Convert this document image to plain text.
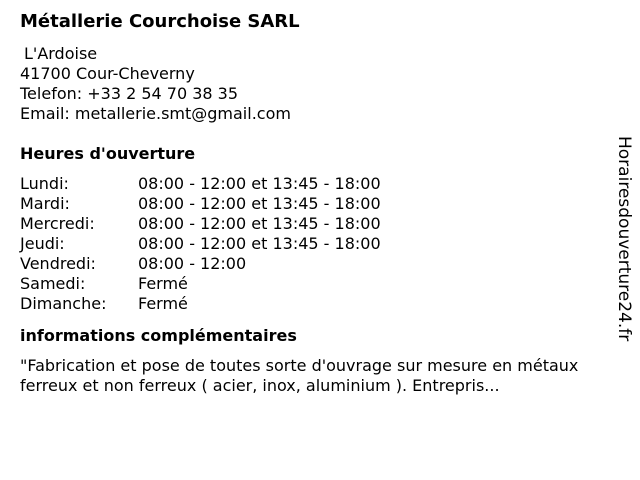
Métallerie Courchoise SARL
L'Ardoise
41700 Cour-Cheverny
Telefon: +33 2 54 70 38 35
Email: metallerie.smt@gmail.com
Heures d'ouverture
Lundi:	08:00 - 12:00 et 13:45 - 18:00
Mardi:	08:00 - 12:00 et 13:45 - 18:00
Mercredi:	08:00 - 12:00 et 13:45 - 18:00
Jeudi:	08:00 - 12:00 et 13:45 - 18:00
Vendredi:	08:00 - 12:00
Samedi:	Fermé
Dimanche:	Fermé
informations complémentaires

"Fabrication et pose de toutes sorte d'ouvrage sur mesure en métaux ferreux et non ferreux ( acier, inox, aluminium ). Entrepris...

Horairesdouverture24.fr
